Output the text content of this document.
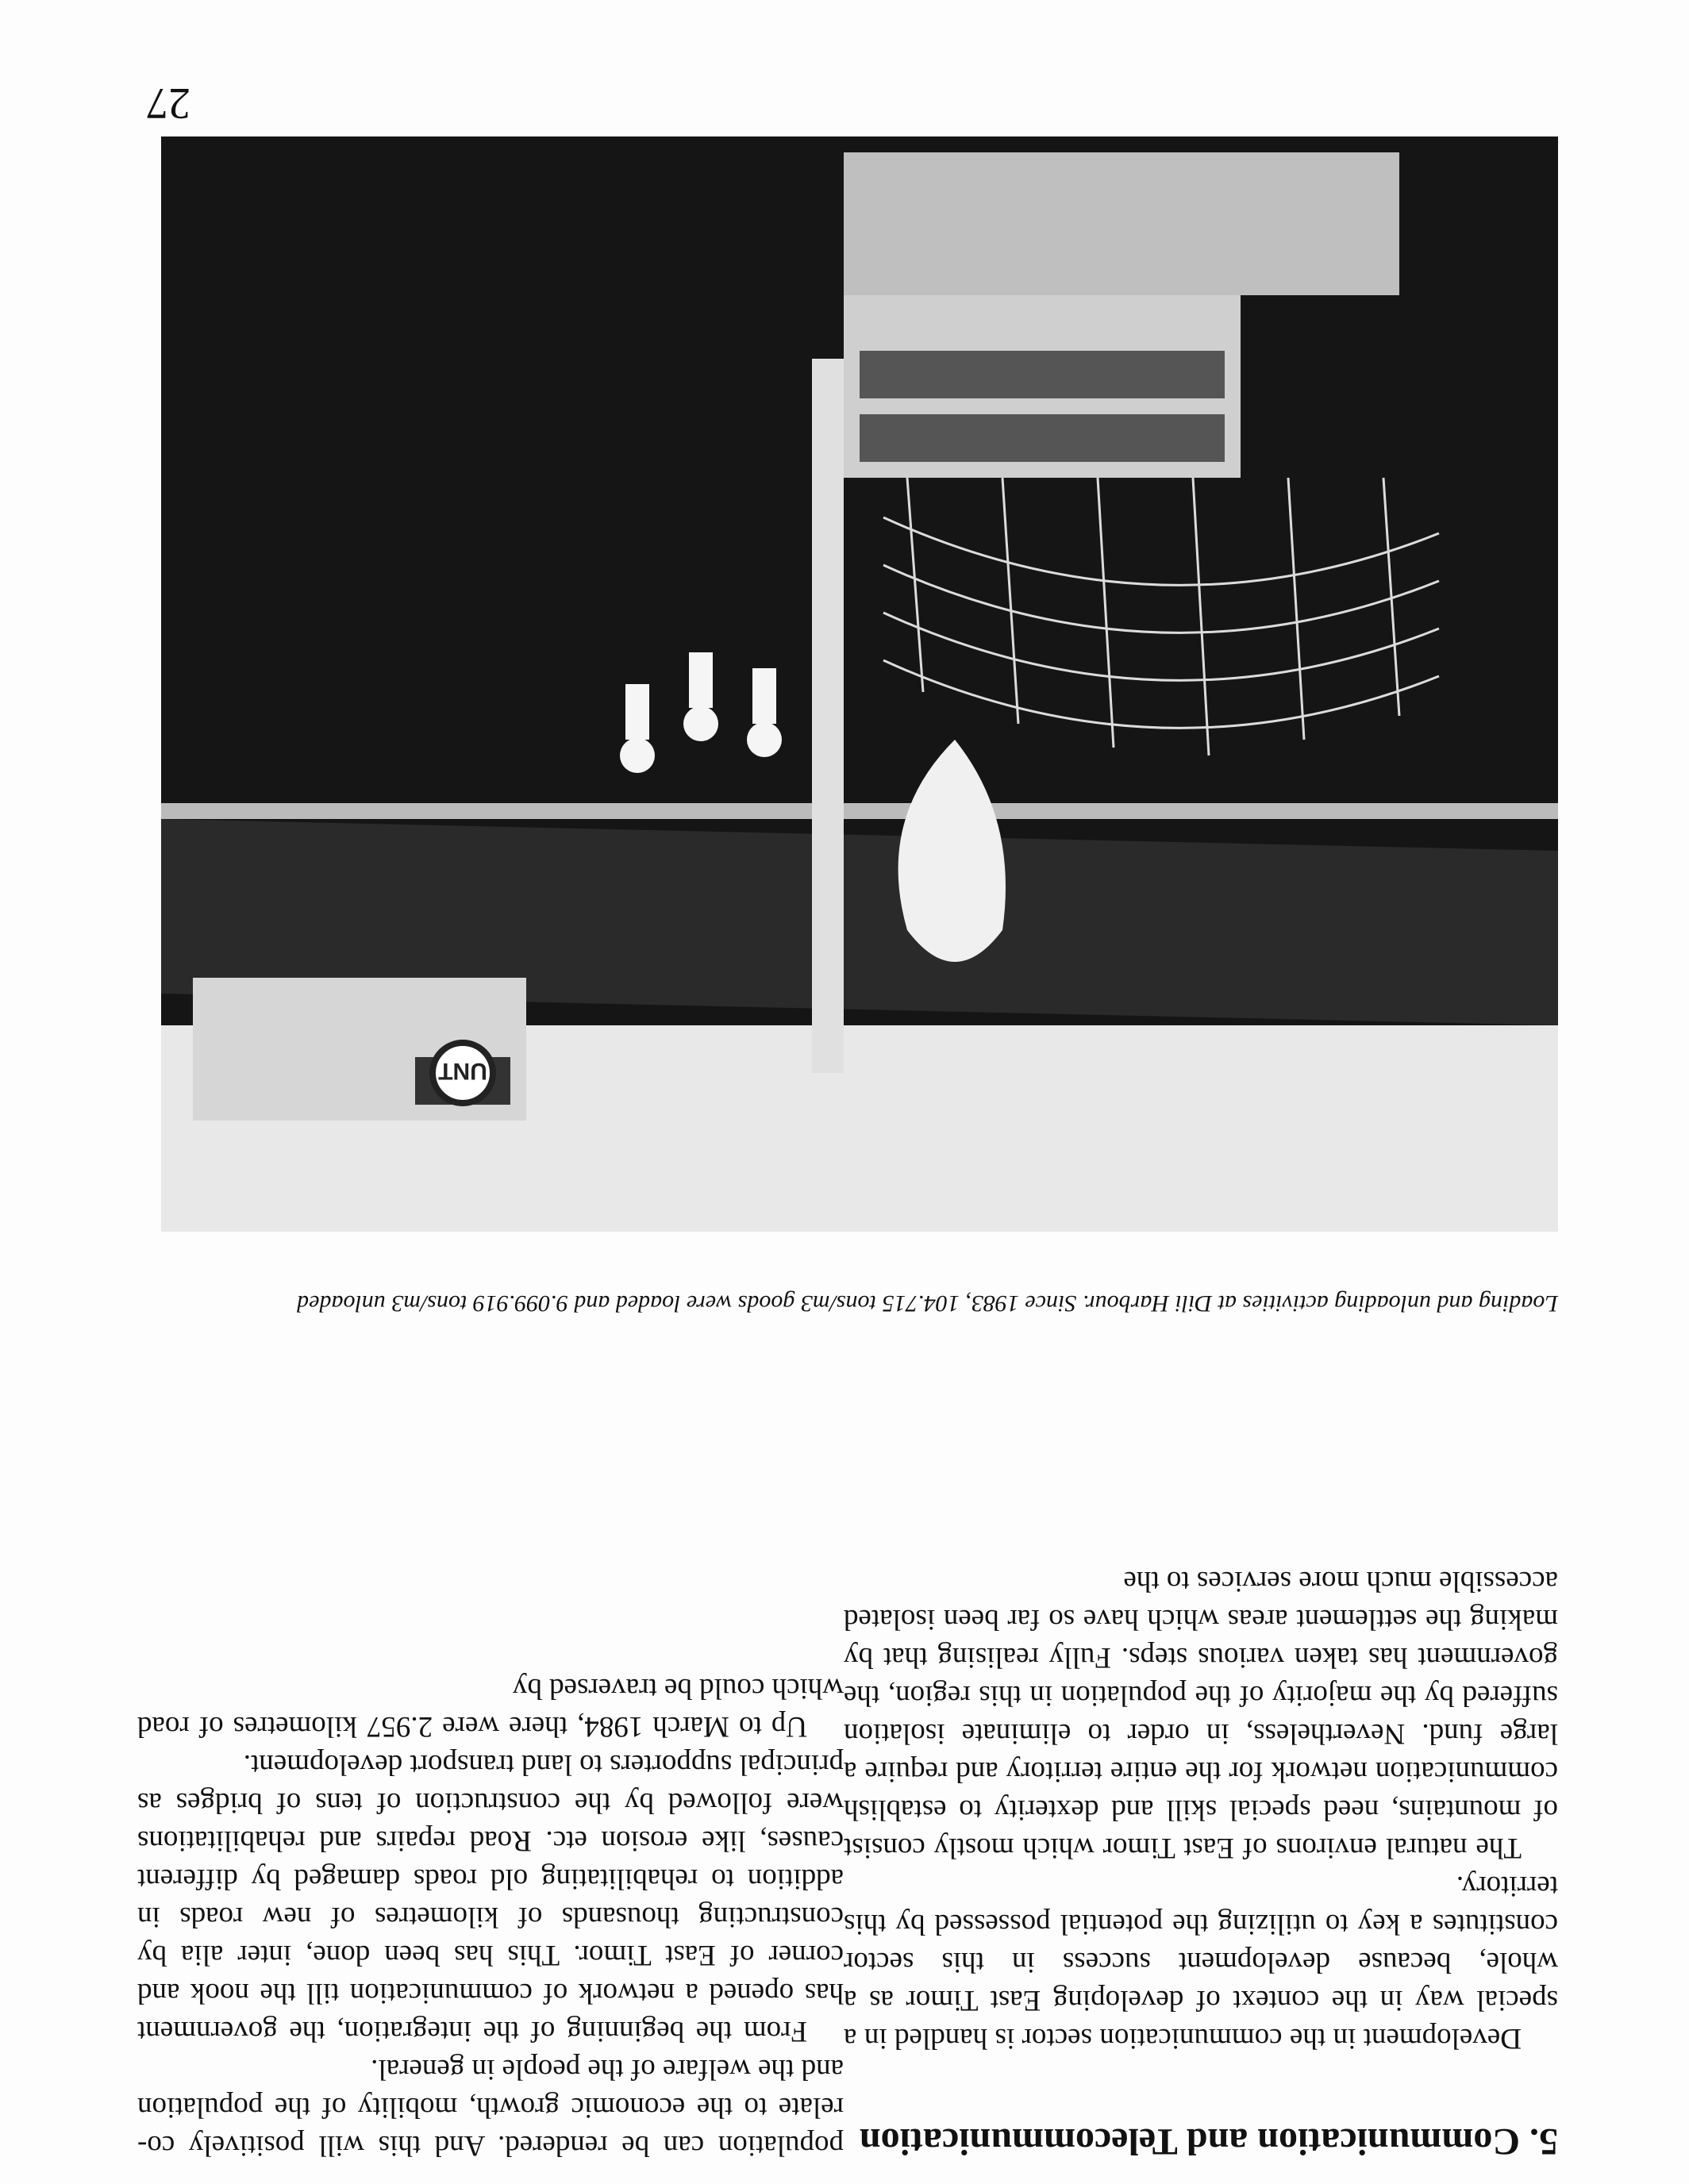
27
5. Communication and Telecommunication

Development in the communication sector is handled in a special way in the context of developing East Timor as a whole, because development success in this sector constitutes a key to utilizing the potential possessed by this territory.

The natural environs of East Timor which mostly consist of mountains, need special skill and dexterity to establish communication network for the entire territory and require a large fund. Nevertheless, in order to eliminate isolation suffered by the majority of the population in this region, the government has taken various steps. Fully realising that by making the settlement areas which have so far been isolated accessible much more services to the

population can be rendered. And this will positively co-relate to the economic growth, mobility of the population and the welfare of the people in general.

From the beginning of the integration, the government has opened a network of communication till the nook and corner of East Timor. This has been done, inter alia by constructing thousands of kilometres of new roads in addition to rehabilitating old roads damaged by different causes, like erosion etc. Road repairs and rehabilitations were followed by the construction of tens of bridges as principal supporters to land transport development.

Up to March 1984, there were 2.957 kilometres of road which could be traversed by

Loading and unloading activities at Dili Harbour. Since 1983, 104.715 tons/m3 goods were loaded and 9.099.919 tons/m3 unloaded
UNT
